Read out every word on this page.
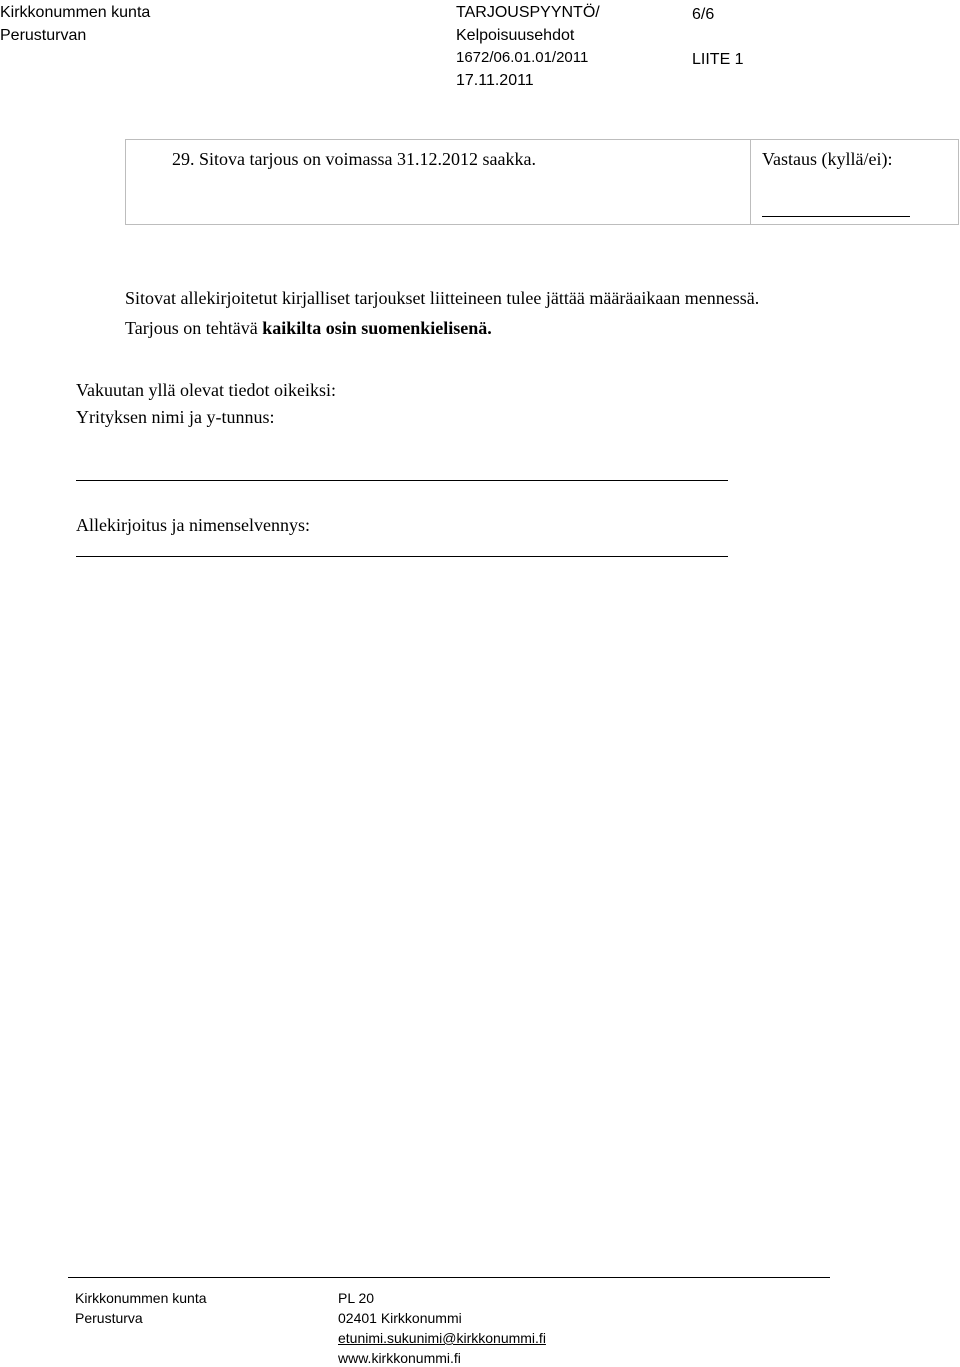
Kirkkonummen kunta
Perusturvan
TARJOUSPYYNTÖ/
Kelpoisuusehdot
1672/06.01.01/2011
17.11.2011
6/6
LIITE 1
29. Sitova tarjous on voimassa 31.12.2012 saakka.	Vastaus (kyllä/ei):
Sitovat allekirjoitetut kirjalliset tarjoukset liitteineen tulee jättää määräaikaan mennessä.
Tarjous on tehtävä kaikilta osin suomenkielisenä.
Vakuutan yllä olevat tiedot oikeiksi:
Yrityksen nimi ja y-tunnus:
Allekirjoitus ja nimenselvennys:
Kirkkonummen kunta
Perusturva
PL 20
02401 Kirkkonummi
etunimi.sukunimi@kirkkonummi.fi
www.kirkkonummi.fi
